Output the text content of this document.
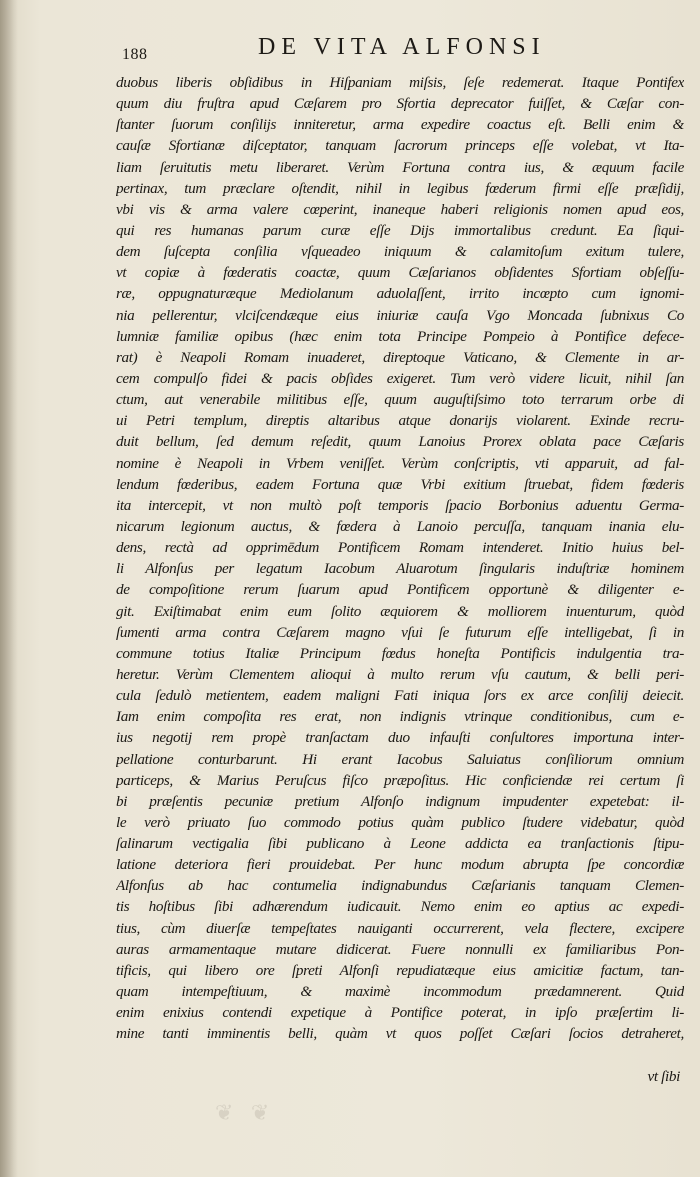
188	DE VITA ALFONSI
duobus liberis obſidibus in Hiſpaniam miſsis, ſeſe redemerat. Itaque Pontifex
quum diu fruſtra apud Cæſarem pro Sfortia deprecator fuiſſet, & Cæſar con-
ſtanter ſuorum conſilijs inniteretur, arma expedire coactus eſt. Belli enim &
cauſæ Sfortianæ diſceptator, tanquam ſacrorum princeps eſſe volebat, vt Ita-
liam ſeruitutis metu liberaret. Verùm Fortuna contra ius, & æquum facile
pertinax, tum præclare oſtendit, nihil in legibus fœderum firmi eſſe præſidij,
vbi vis & arma valere cœperint, inaneque haberi religionis nomen apud eos,
qui res humanas parum curæ eſſe Dijs immortalibus credunt. Ea ſiqui-
dem ſuſcepta conſilia vſqueadeo iniquum & calamitoſum exitum tulere,
vt copiæ à fœderatis coactæ, quum Cæſarianos obſidentes Sfortiam obſeſſu-
ræ, oppugnaturæque Mediolanum aduolaſſent, irrito incœpto cum ignomi-
nia pellerentur, vlciſcendæque eius iniuriæ cauſa Vgo Moncada ſubnixus Co
lumniæ familiæ opibus (hæc enim tota Principe Pompeio à Pontifice defece-
rat) è Neapoli Romam inuaderet, direptoque Vaticano, & Clemente in ar-
cem compulſo fidei & pacis obſides exigeret. Tum verò videre licuit, nihil ſan
ctum, aut venerabile militibus eſſe, quum auguſtiſsimo toto terrarum orbe di
ui Petri templum, direptis altaribus atque donarijs violarent. Exinde recru-
duit bellum, ſed demum reſedit, quum Lanoius Prorex oblata pace Cæſaris
nomine è Neapoli in Vrbem veniſſet. Verùm conſcriptis, vti apparuit, ad fal-
lendum fœderibus, eadem Fortuna quæ Vrbi exitium ſtruebat, fidem fœderis
ita intercepit, vt non multò poſt temporis ſpacio Borbonius aduentu Germa-
nicarum legionum auctus, & fœdera à Lanoio percuſſa, tanquam inania elu-
dens, rectà ad opprimēdum Pontificem Romam intenderet. Initio huius bel-
li Alfonſus per legatum Iacobum Aluarotum ſingularis induſtriæ hominem
de compoſitione rerum ſuarum apud Pontificem opportunè & diligenter e-
git. Exiſtimabat enim eum ſolito æquiorem & molliorem inuenturum, quòd
ſumenti arma contra Cæſarem magno vſui ſe futurum eſſe intelligebat, ſi in
commune totius Italiæ Principum fœdus honeſta Pontificis indulgentia tra-
heretur. Verùm Clementem alioqui à multo rerum vſu cautum, & belli peri-
cula ſedulò metientem, eadem maligni Fati iniqua ſors ex arce conſilij deiecit.
Iam enim compoſita res erat, non indignis vtrinque conditionibus, cum e-
ius negotij rem propè tranſactam duo infauſti conſultores importuna inter-
pellatione conturbarunt. Hi erant Iacobus Saluiatus conſiliorum omnium
particeps, & Marius Peruſcus fiſco præpoſitus. Hic conficiendæ rei certum ſi
bi præſentis pecuniæ pretium Alfonſo indignum impudenter expetebat: il-
le verò priuato ſuo commodo potius quàm publico ſtudere videbatur, quòd
ſalinarum vectigalia ſibi publicano à Leone addicta ea tranſactionis ſtipu-
latione deteriora fieri prouidebat. Per hunc modum abrupta ſpe concordiæ
Alfonſus ab hac contumelia indignabundus Cæſarianis tanquam Clemen-
tis hoſtibus ſibi adhærendum iudicauit. Nemo enim eo aptius ac expedi-
tius, cùm diuerſæ tempeſtates nauiganti occurrerent, vela flectere, excipere
auras armamentaque mutare didicerat. Fuere nonnulli ex familiaribus Pon-
tificis, qui libero ore ſpreti Alfonſi repudiatæque eius amicitiæ factum, tan-
quam intempeſtiuum, & maximè incommodum prædamnerent. Quid
enim enixius contendi expetique à Pontifice poterat, in ipſo præſertim li-
mine tanti imminentis belli, quàm vt quos poſſet Cæſari ſocios detraheret,
vt ſibi
❦ ❦
